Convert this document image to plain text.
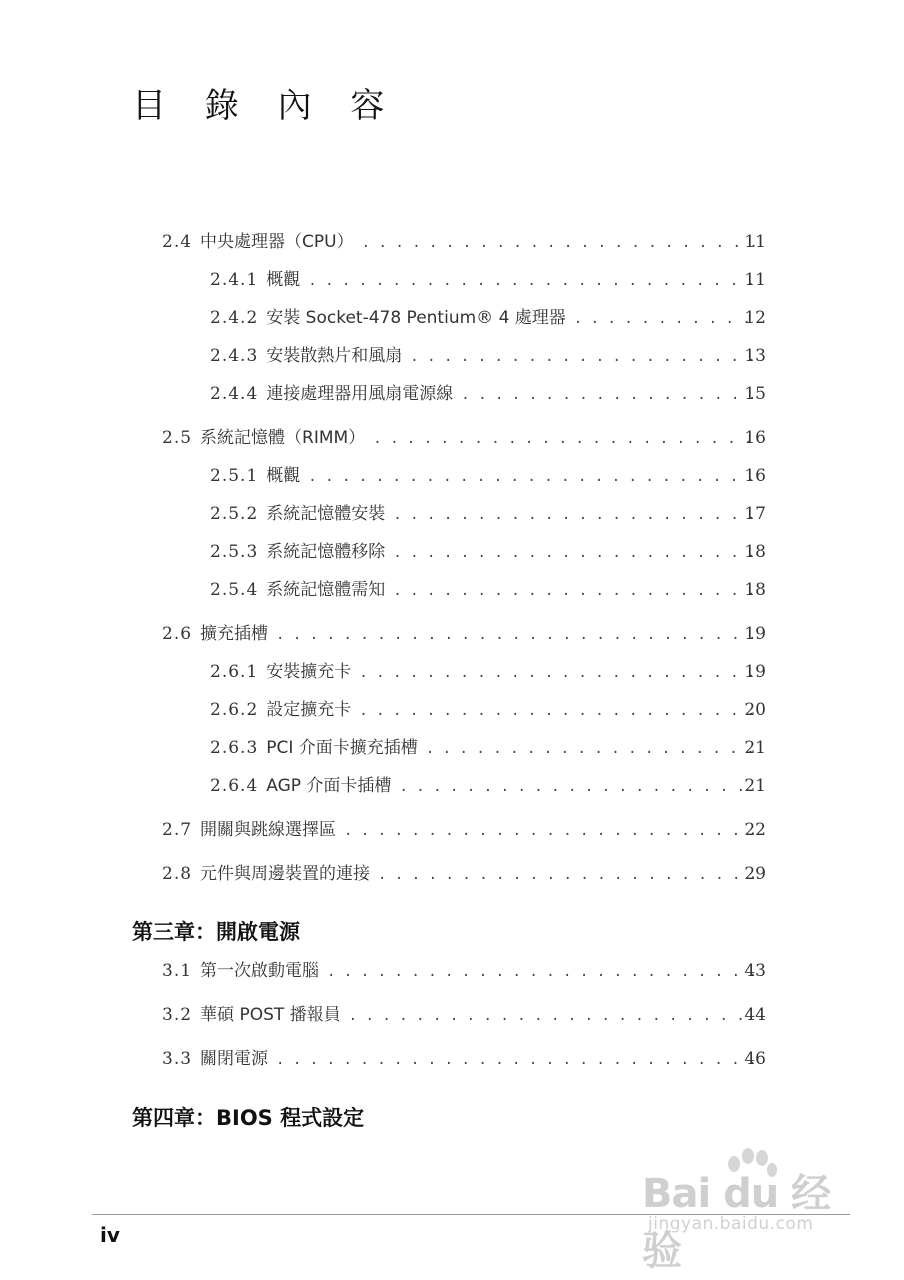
目 錄 內 容
2.4 中央處理器（CPU） . . .	11
2.4.1 概觀 . . .	11
2.4.2 安裝 Socket-478 Pentium® 4 處理器 . . .	12
2.4.3 安裝散熱片和風扇 . . .	13
2.4.4 連接處理器用風扇電源線 . . .	15
2.5 系統記憶體（RIMM） . . .	16
2.5.1 概觀 . . .	16
2.5.2 系統記憶體安裝 . . .	17
2.5.3 系統記憶體移除 . . .	18
2.5.4 系統記憶體需知 . . .	18
2.6 擴充插槽 . . .	19
2.6.1 安裝擴充卡 . . .	19
2.6.2 設定擴充卡 . . .	20
2.6.3 PCI 介面卡擴充插槽 . . .	21
2.6.4 AGP 介面卡插槽 . . .	21
2.7 開關與跳線選擇區 . . .	22
2.8 元件與周邊裝置的連接 . . .	29
第三章：開啟電源
3.1 第一次啟動電腦 . . .	43
3.2 華碩 POST 播報員 . . .	44
3.3 關閉電源 . . .	46
第四章：BIOS 程式設定
Bai du 经验
jingyan.baidu.com
iv
